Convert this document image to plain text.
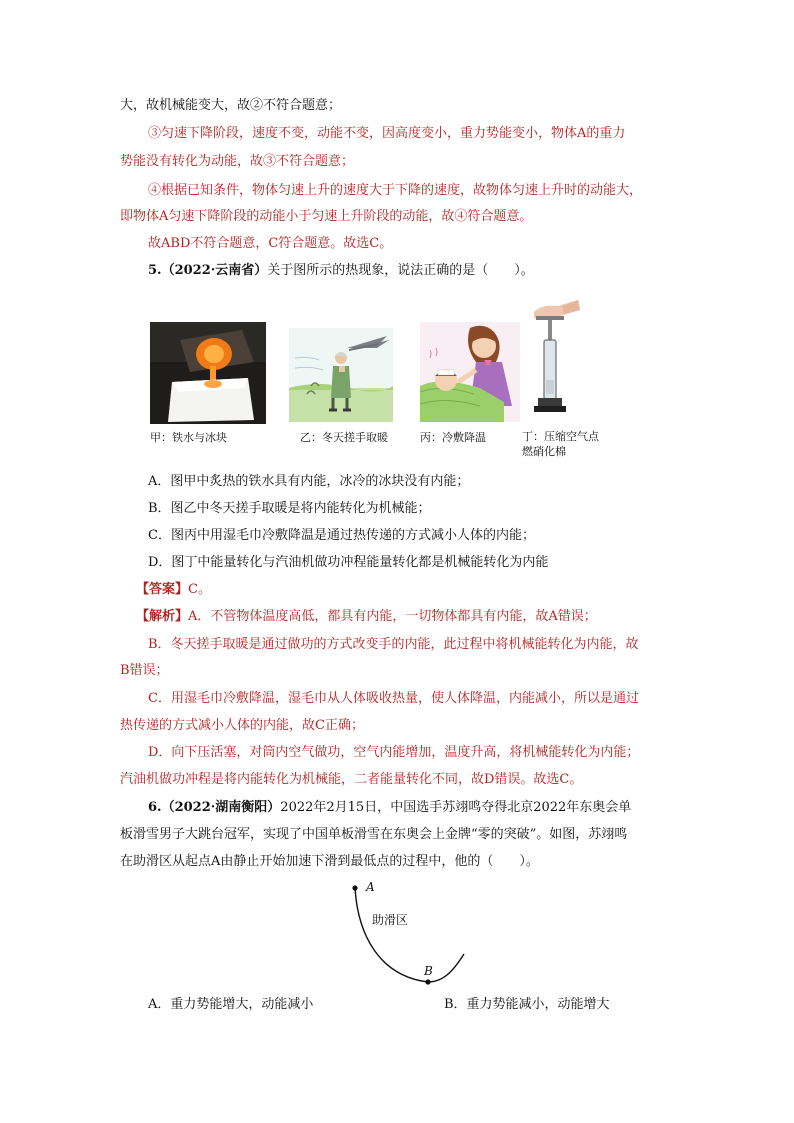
大，故机械能变大，故②不符合题意；
③匀速下降阶段，速度不变，动能不变，因高度变小，重力势能变小，物体A的重力
势能没有转化为动能，故③不符合题意；
④根据已知条件，物体匀速上升的速度大于下降的速度，故物体匀速上升时的动能大，
即物体A匀速下降阶段的动能小于匀速上升阶段的动能，故④符合题意。
故ABD不符合题意，C符合题意。故选C。
5.（2022·云南省）关于图所示的热现象，说法正确的是（　　）。
甲：铁水与冰块	乙：冬天搓手取暖	丙：冷敷降温	丁：压缩空气点
燃硝化棉
A．图甲中炙热的铁水具有内能，冰冷的冰块没有内能；
B．图乙中冬天搓手取暖是将内能转化为机械能；
C．图丙中用湿毛巾冷敷降温是通过热传递的方式减小人体的内能；
D．图丁中能量转化与汽油机做功冲程能量转化都是机械能转化为内能
【答案】C。
【解析】A．不管物体温度高低，都具有内能，一切物体都具有内能，故A错误；
B．冬天搓手取暖是通过做功的方式改变手的内能，此过程中将机械能转化为内能，故
B错误；
C．用湿毛巾冷敷降温，湿毛巾从人体吸收热量，使人体降温，内能减小，所以是通过
热传递的方式减小人体的内能，故C正确；
D．向下压活塞，对筒内空气做功，空气内能增加，温度升高，将机械能转化为内能；
汽油机做功冲程是将内能转化为机械能，二者能量转化不同，故D错误。故选C。
6.（2022·湖南衡阳）2022年2月15日，中国选手苏翊鸣夺得北京2022年东奥会单
板滑雪男子大跳台冠军，实现了中国单板滑雪在东奥会上金牌“零的突破”。如图，苏翊鸣
在助滑区从起点A由静止开始加速下滑到最低点的过程中，他的（　　）。
A
B
助滑区
A．重力势能增大，动能减小	B．重力势能减小，动能增大
